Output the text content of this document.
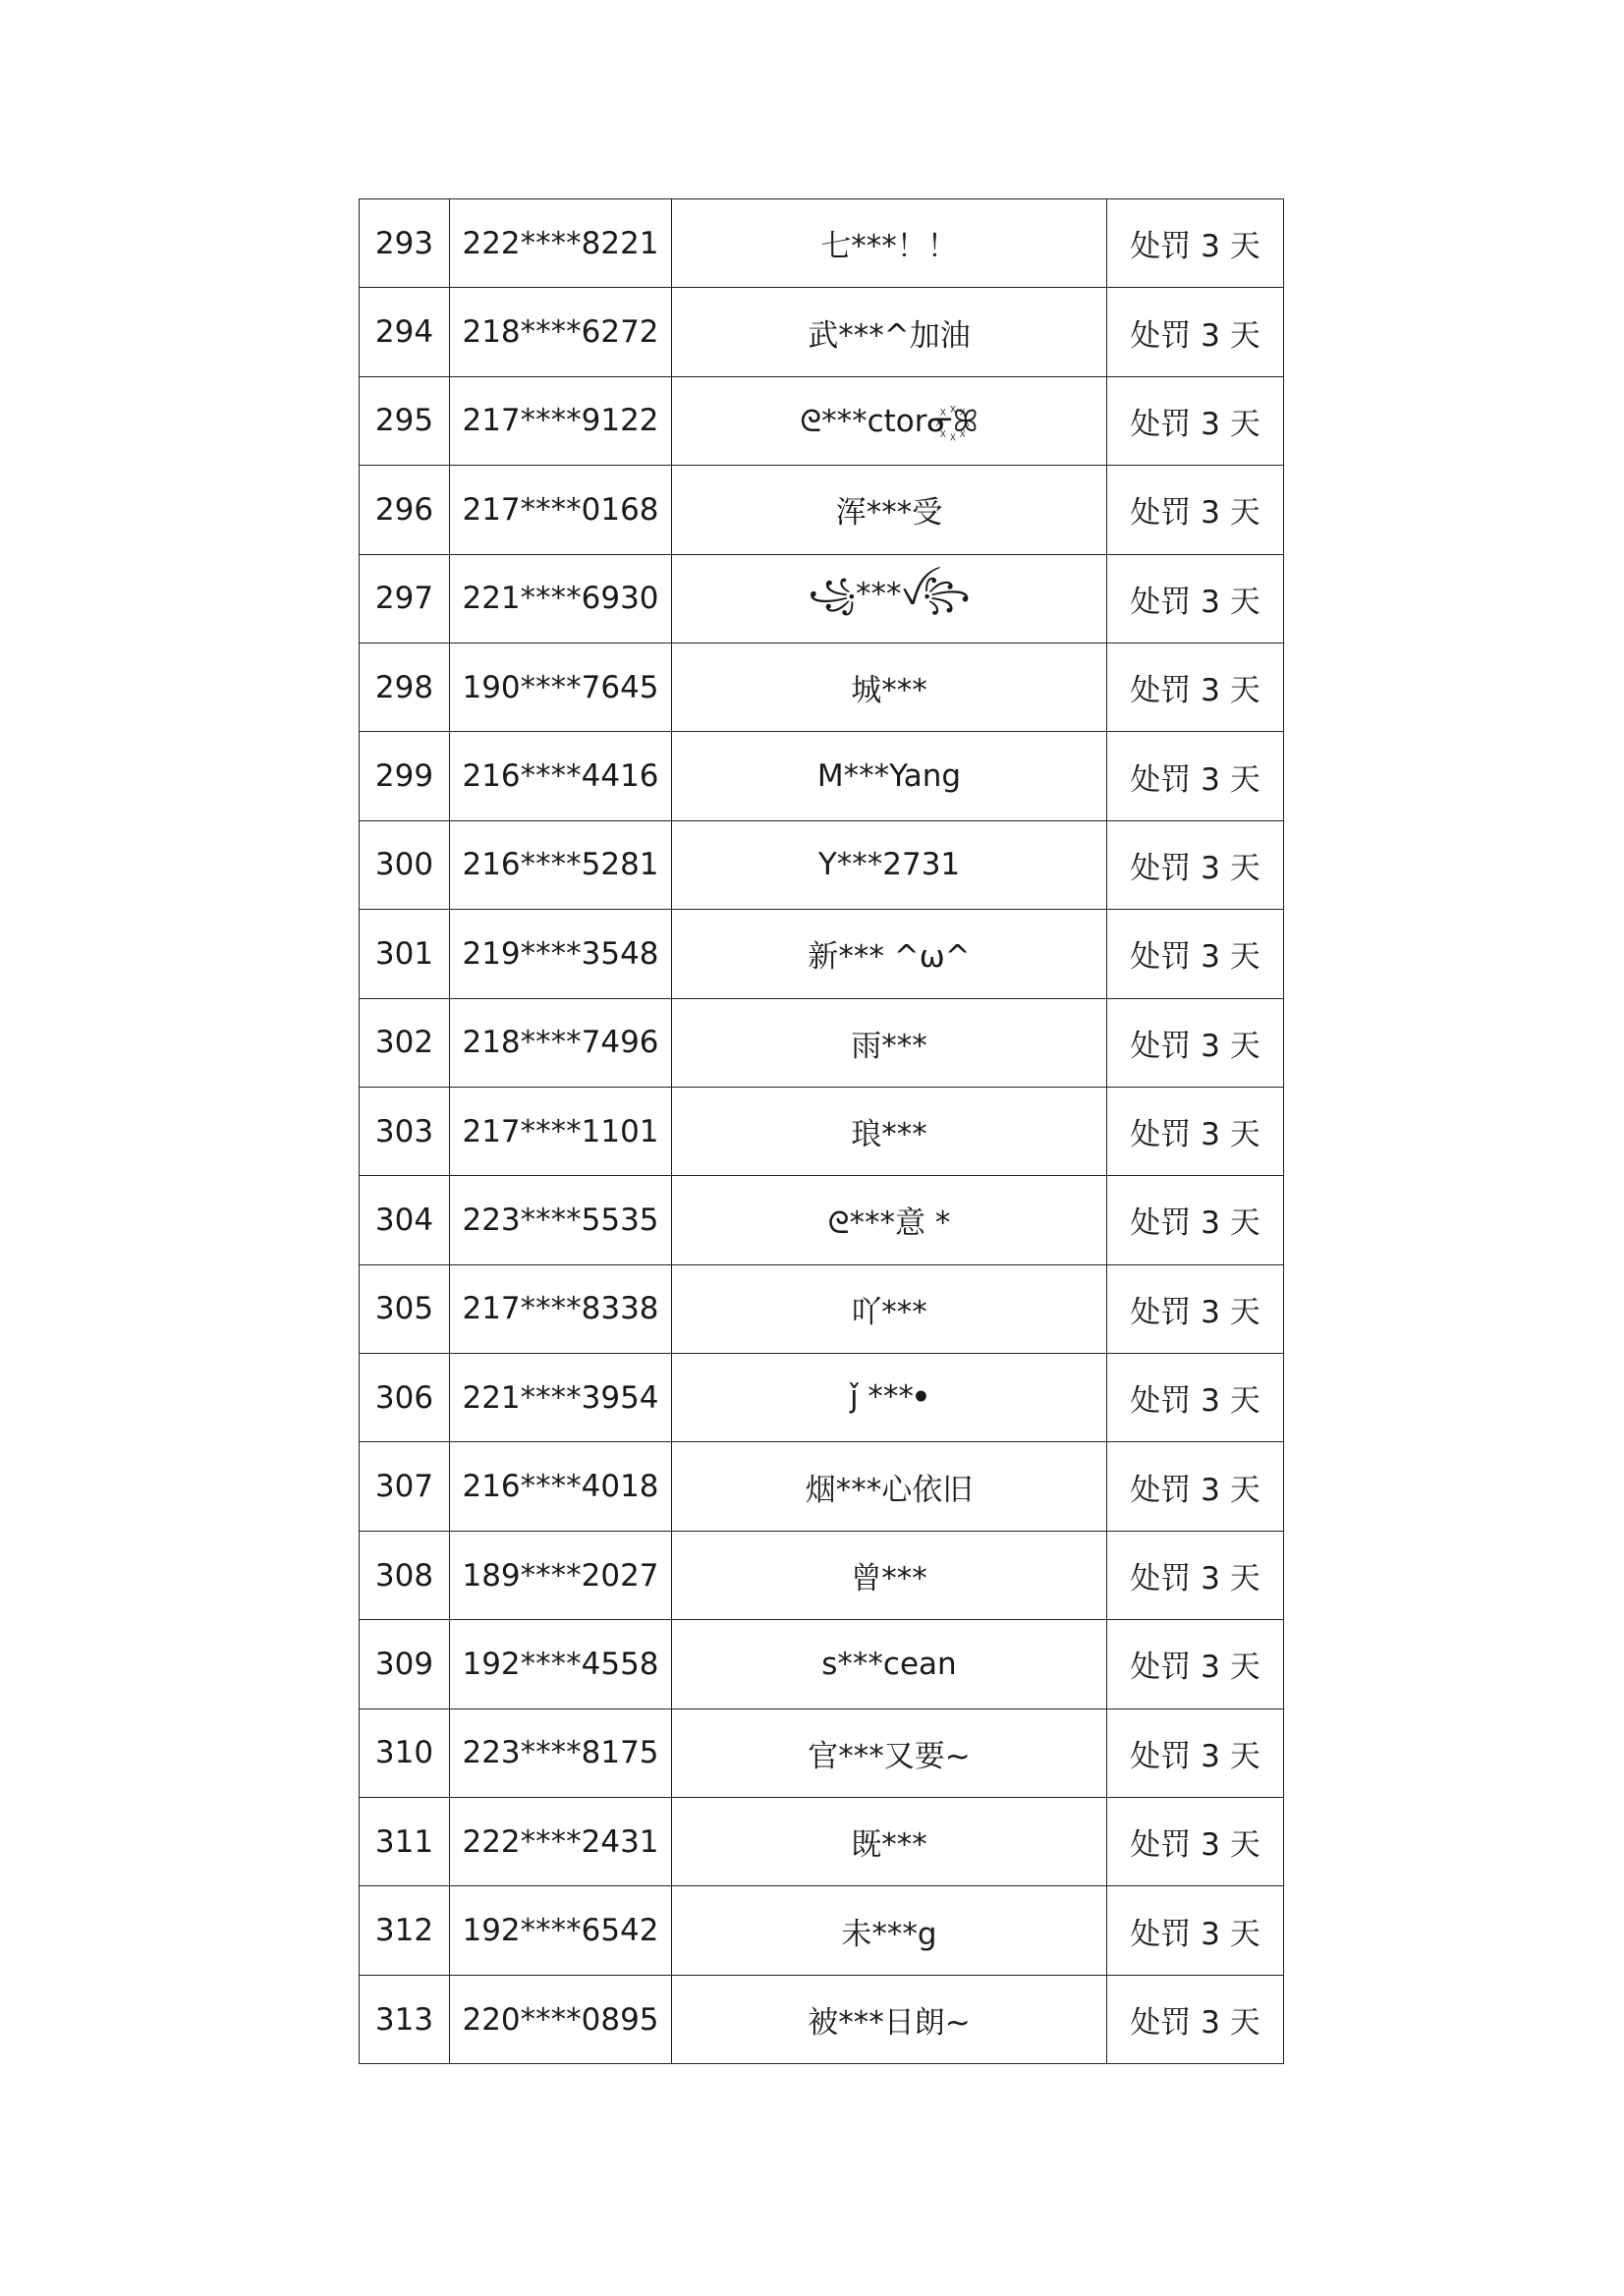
293	222****8221	七***！！	处罚 3 天
294	218****6272	武***^加油	处罚 3 天
295	217****9122	ᘓ***ctorᓂ꙰ꕤ	处罚 3 天
296	217****0168	浑***受	处罚 3 天
297	221****6930	꧁***ꪜ꧂	处罚 3 天
298	190****7645	城***	处罚 3 天
299	216****4416	M***Yang	处罚 3 天
300	216****5281	Y***2731	处罚 3 天
301	219****3548	新*** ^ω^	处罚 3 天
302	218****7496	雨***	处罚 3 天
303	217****1101	琅***	处罚 3 天
304	223****5535	ᘓ***意 *	处罚 3 天
305	217****8338	吖***	处罚 3 天
306	221****3954	ǰ ***ꔷ	处罚 3 天
307	216****4018	烟***心依旧	处罚 3 天
308	189****2027	曾***	处罚 3 天
309	192****4558	s***cean	处罚 3 天
310	223****8175	官***又要~	处罚 3 天
311	222****2431	既***	处罚 3 天
312	192****6542	未***g	处罚 3 天
313	220****0895	被***日朗~	处罚 3 天
